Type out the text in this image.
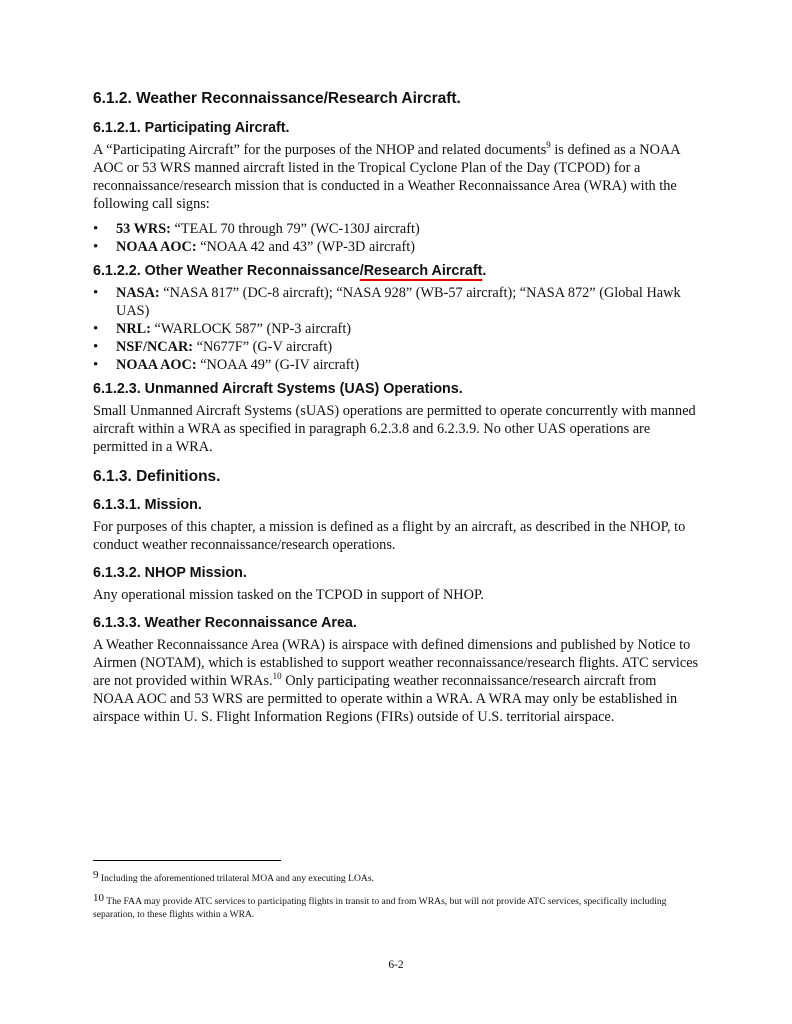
6.1.2. Weather Reconnaissance/Research Aircraft.
6.1.2.1. Participating Aircraft.
A “Participating Aircraft” for the purposes of the NHOP and related documents$^9$ is defined as a NOAA AOC or 53 WRS manned aircraft listed in the Tropical Cyclone Plan of the Day (TCPOD) for a reconnaissance/research mission that is conducted in a Weather Reconnaissance Area (WRA) with the following call signs:
• 53 WRS: “TEAL 70 through 79” (WC-130J aircraft)
• NOAA AOC: “NOAA 42 and 43” (WP-3D aircraft)
6.1.2.2. Other Weather Reconnaissance/Research Aircraft.
• NASA: “NASA 817” (DC-8 aircraft); “NASA 928” (WB-57 aircraft); “NASA 872” (Global Hawk UAS)
• NRL: “WARLOCK 587” (NP-3 aircraft)
• NSF/NCAR: “N677F” (G-V aircraft)
• NOAA AOC: “NOAA 49” (G-IV aircraft)
6.1.2.3. Unmanned Aircraft Systems (UAS) Operations.
Small Unmanned Aircraft Systems (sUAS) operations are permitted to operate concurrently with manned aircraft within a WRA as specified in paragraph 6.2.3.8 and 6.2.3.9. No other UAS operations are permitted in a WRA.
6.1.3. Definitions.
6.1.3.1. Mission.
For purposes of this chapter, a mission is defined as a flight by an aircraft, as described in the NHOP, to conduct weather reconnaissance/research operations.
6.1.3.2. NHOP Mission.
Any operational mission tasked on the TCPOD in support of NHOP.
6.1.3.3. Weather Reconnaissance Area.
A Weather Reconnaissance Area (WRA) is airspace with defined dimensions and published by Notice to Airmen (NOTAM), which is established to support weather reconnaissance/research flights. ATC services are not provided within WRAs.$^{10}$ Only participating weather reconnaissance/research aircraft from NOAA AOC and 53 WRS are permitted to operate within a WRA. A WRA may only be established in airspace within U. S. Flight Information Regions (FIRs) outside of U.S. territorial airspace.
$^9$ Including the aforementioned trilateral MOA and any executing LOAs.
$^{10}$ The FAA may provide ATC services to participating flights in transit to and from WRAs, but will not provide ATC services, specifically including separation, to these flights within a WRA.
6-2
